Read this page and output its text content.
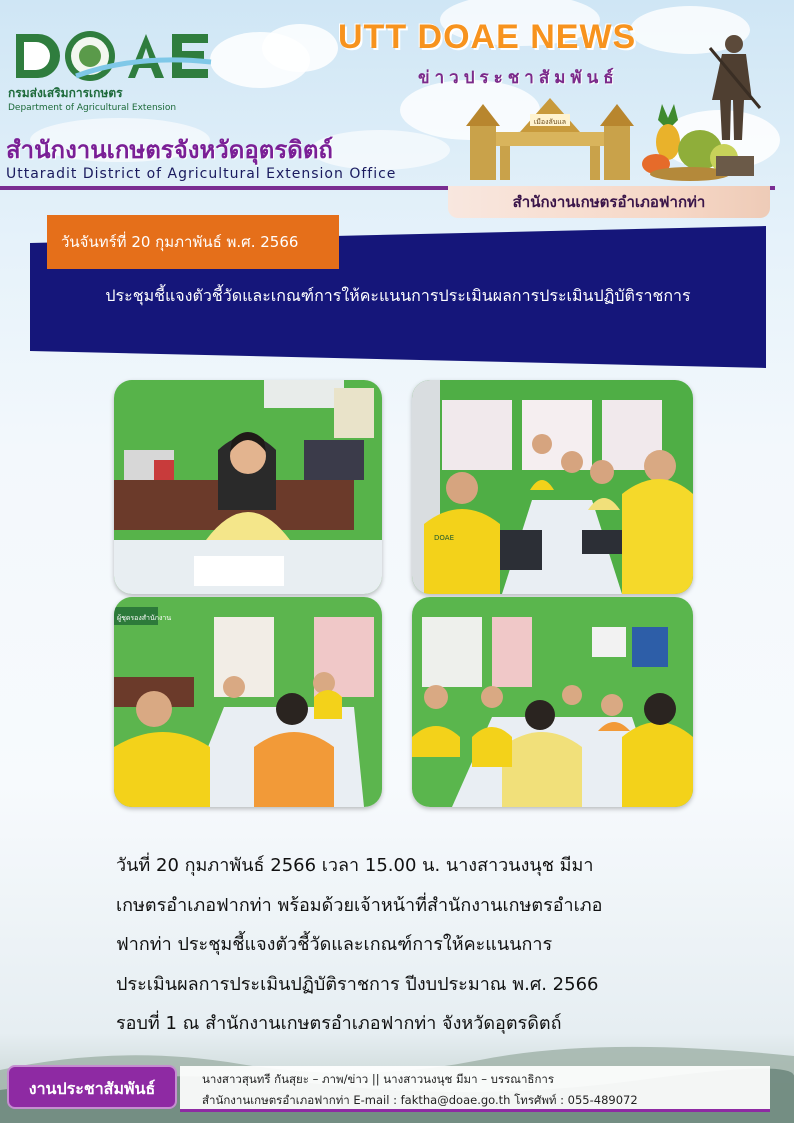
กรมส่งเสริมการเกษตร
Department of Agricultural Extension
UTT DOAE NEWS
ข่าวประชาสัมพันธ์
เมืองลับแล
สำนักงานเกษตรจังหวัดอุตรดิตถ์
Uttaradit District of Agricultural Extension Office
สำนักงานเกษตรอำเภอฟากท่า
วันจันทร์ที่ 20 กุมภาพันธ์ พ.ศ. 2566
ประชุมชี้แจงตัวชี้วัดและเกณฑ์การให้คะแนนการประเมินผลการประเมินปฏิบัติราชการ
DOAE
ผู้ชุดรองสำนักงาน

วันที่ 20 กุมภาพันธ์ 2566 เวลา 15.00 น. นางสาวนงนุช มีมา

เกษตรอำเภอฟากท่า พร้อมด้วยเจ้าหน้าที่สำนักงานเกษตรอำเภอ

ฟากท่า ประชุมชี้แจงตัวชี้วัดและเกณฑ์การให้คะแนนการ

ประเมินผลการประเมินปฏิบัติราชการ ปีงบประมาณ พ.ศ. 2566

รอบที่ 1 ณ สำนักงานเกษตรอำเภอฟากท่า จังหวัดอุตรดิตถ์

งานประชาสัมพันธ์	นางสาวสุนทรี กันสุยะ – ภาพ/ข่าว || นางสาวนงนุช มีมา – บรรณาธิการ
สำนักงานเกษตรอำเภอฟากท่า E-mail : faktha@doae.go.th โทรศัพท์ : 055-489072
